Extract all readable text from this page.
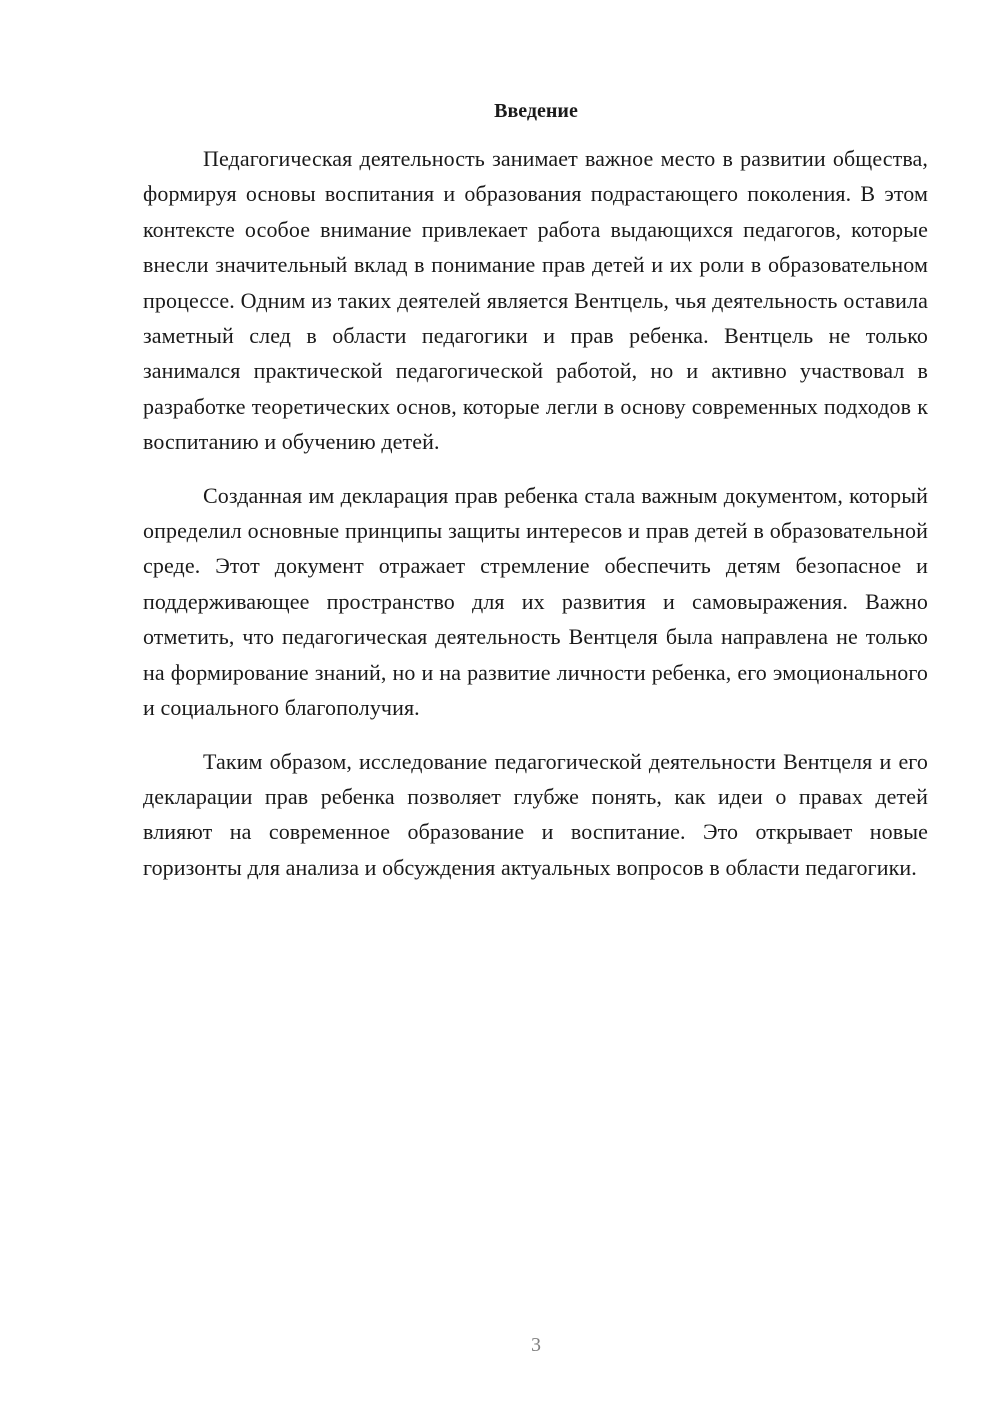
Введение

Педагогическая деятельность занимает важное место в развитии общества, формируя основы воспитания и образования подрастающего поколения. В этом контексте особое внимание привлекает работа выдающихся педагогов, которые внесли значительный вклад в понимание прав детей и их роли в образовательном процессе. Одним из таких деятелей является Вентцель, чья деятельность оставила заметный след в области педагогики и прав ребенка. Вентцель не только занимался практической педагогической работой, но и активно участвовал в разработке теоретических основ, которые легли в основу современных подходов к воспитанию и обучению детей.

Созданная им декларация прав ребенка стала важным документом, который определил основные принципы защиты интересов и прав детей в образовательной среде. Этот документ отражает стремление обеспечить детям безопасное и поддерживающее пространство для их развития и самовыражения. Важно отметить, что педагогическая деятельность Вентцеля была направлена не только на формирование знаний, но и на развитие личности ребенка, его эмоционального и социального благополучия.

Таким образом, исследование педагогической деятельности Вентцеля и его декларации прав ребенка позволяет глубже понять, как идеи о правах детей влияют на современное образование и воспитание. Это открывает новые горизонты для анализа и обсуждения актуальных вопросов в области педагогики.

3
